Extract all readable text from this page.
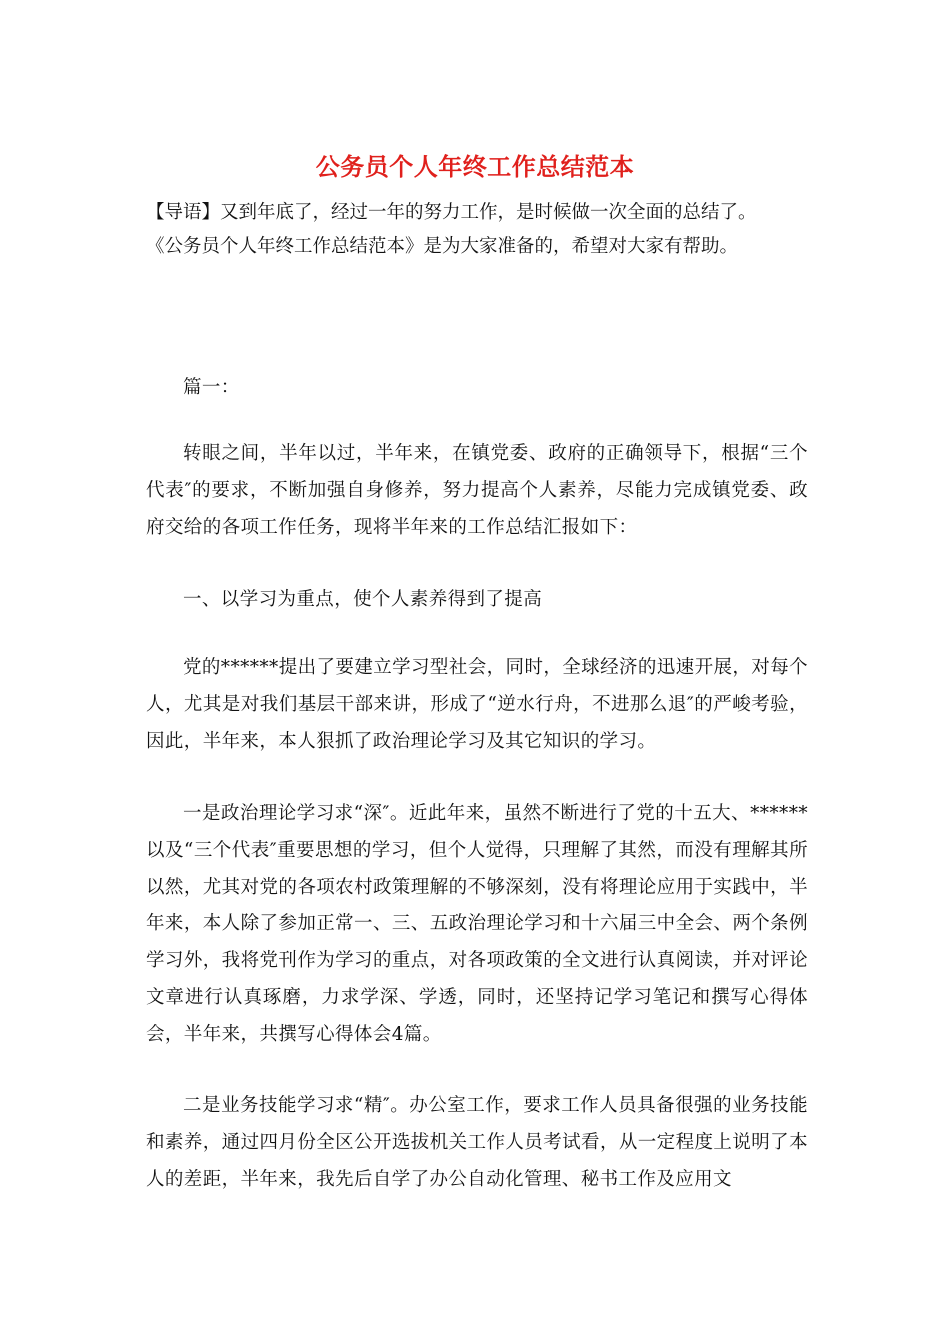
公务员个人年终工作总结范本
【导语】又到年底了，经过一年的努力工作，是时候做一次全面的总结了。
《公务员个人年终工作总结范本》是为大家准备的，希望对大家有帮助。

篇一：

转眼之间，半年以过，半年来，在镇党委、政府的正确领导下，根据“三个代表″的要求，不断加强自身修养，努力提高个人素养，尽能力完成镇党委、政府交给的各项工作任务，现将半年来的工作总结汇报如下：

一、以学习为重点，使个人素养得到了提高

党的******提出了要建立学习型社会，同时，全球经济的迅速开展，对每个人，尤其是对我们基层干部来讲，形成了“逆水行舟，不进那么退″的严峻考验，因此，半年来，本人狠抓了政治理论学习及其它知识的学习。

一是政治理论学习求“深″。近此年来，虽然不断进行了党的十五大、******以及“三个代表″重要思想的学习，但个人觉得，只理解了其然，而没有理解其所以然，尤其对党的各项农村政策理解的不够深刻，没有将理论应用于实践中，半年来，本人除了参加正常一、三、五政治理论学习和十六届三中全会、两个条例学习外，我将党刊作为学习的重点，对各项政策的全文进行认真阅读，并对评论文章进行认真琢磨，力求学深、学透，同时，还坚持记学习笔记和撰写心得体会，半年来，共撰写心得体会4篇。

二是业务技能学习求“精″。办公室工作，要求工作人员具备很强的业务技能和素养，通过四月份全区公开选拔机关工作人员考试看，从一定程度上说明了本人的差距，半年来，我先后自学了办公自动化管理、秘书工作及应用文
